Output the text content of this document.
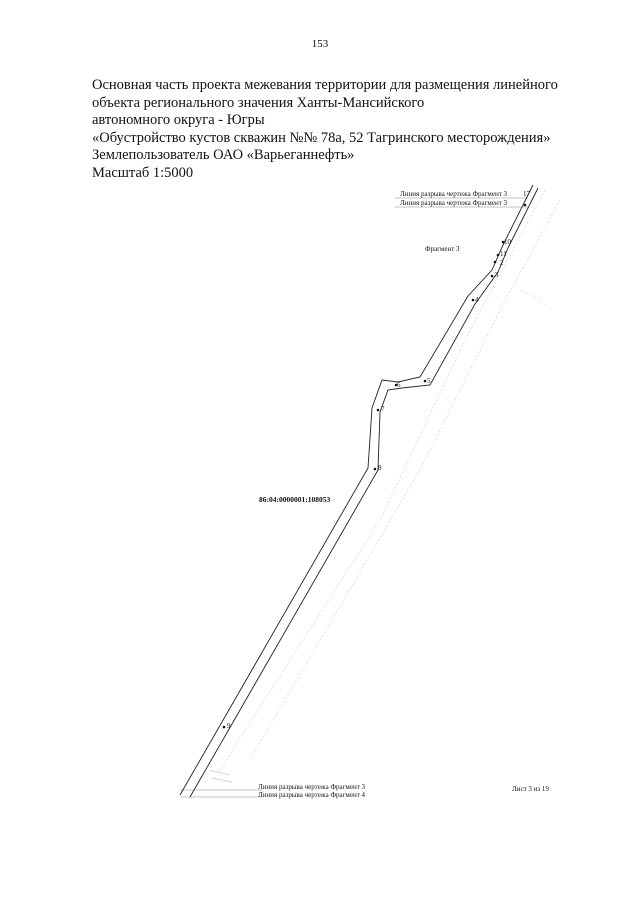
153
Основная часть проекта межевания территории для размещения линейного
объекта регионального значения Ханты-Мансийского
автономного округа - Югры
«Обустройство кустов скважин №№ 78а, 52 Тагринского месторождения»
Землепользователь ОАО «Варьеганнефть»
Масштаб 1:5000
Линия разрыва чертежа Фрагмент 3
Линия разрыва чертежа Фрагмент 3
Фрагмент 3
86:04:0000001:108053
Линия разрыва чертежа Фрагмент 3
Линия разрыва чертежа Фрагмент 4
17
10
11
2
3
4
5
6
7
8
9
Лист 3 из 19
